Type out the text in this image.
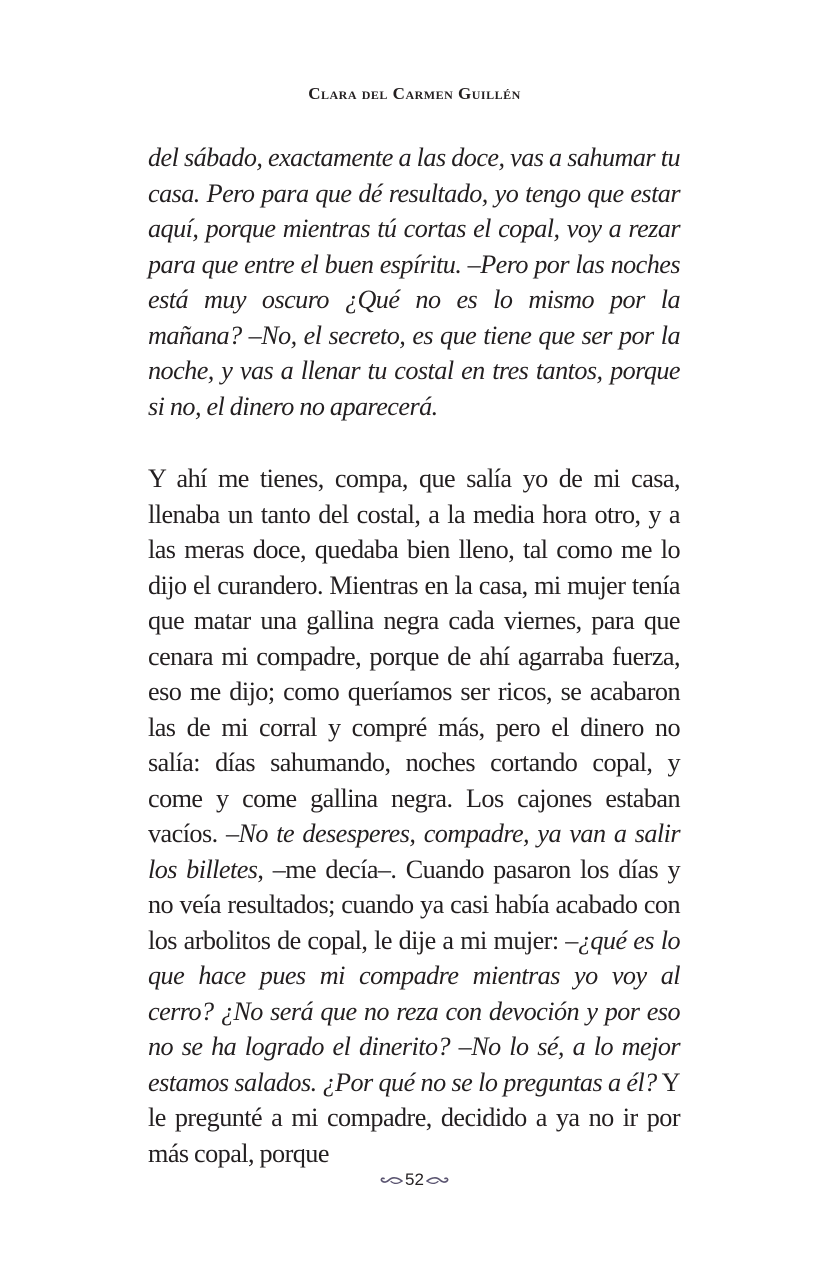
Clara del Carmen Guillén

del sábado, exactamente a las doce, vas a sahumar tu casa. Pero para que dé resultado, yo tengo que estar aquí, porque mientras tú cortas el copal, voy a rezar para que entre el buen espíritu. –Pero por las noches está muy oscuro ¿Qué no es lo mismo por la mañana? –No, el secreto, es que tiene que ser por la noche, y vas a llenar tu costal en tres tantos, porque si no, el dinero no aparecerá.

Y ahí me tienes, compa, que salía yo de mi casa, llenaba un tanto del costal, a la media hora otro, y a las meras doce, quedaba bien lleno, tal como me lo dijo el curandero. Mientras en la casa, mi mujer tenía que matar una gallina negra cada viernes, para que cenara mi compadre, porque de ahí agarraba fuerza, eso me dijo; como queríamos ser ricos, se acabaron las de mi corral y compré más, pero el dinero no salía: días sahumando, noches cortando copal, y come y come gallina negra. Los cajones estaban vacíos. –No te desesperes, compadre, ya van a salir los billetes, –me decía–. Cuando pasaron los días y no veía resultados; cuando ya casi había acabado con los arbolitos de copal, le dije a mi mujer: –¿qué es lo que hace pues mi compadre mientras yo voy al cerro? ¿No será que no reza con devoción y por eso no se ha logrado el dinerito? –No lo sé, a lo mejor estamos salados. ¿Por qué no se lo preguntas a él? Y le pregunté a mi compadre, decidido a ya no ir por más copal, porque

52
